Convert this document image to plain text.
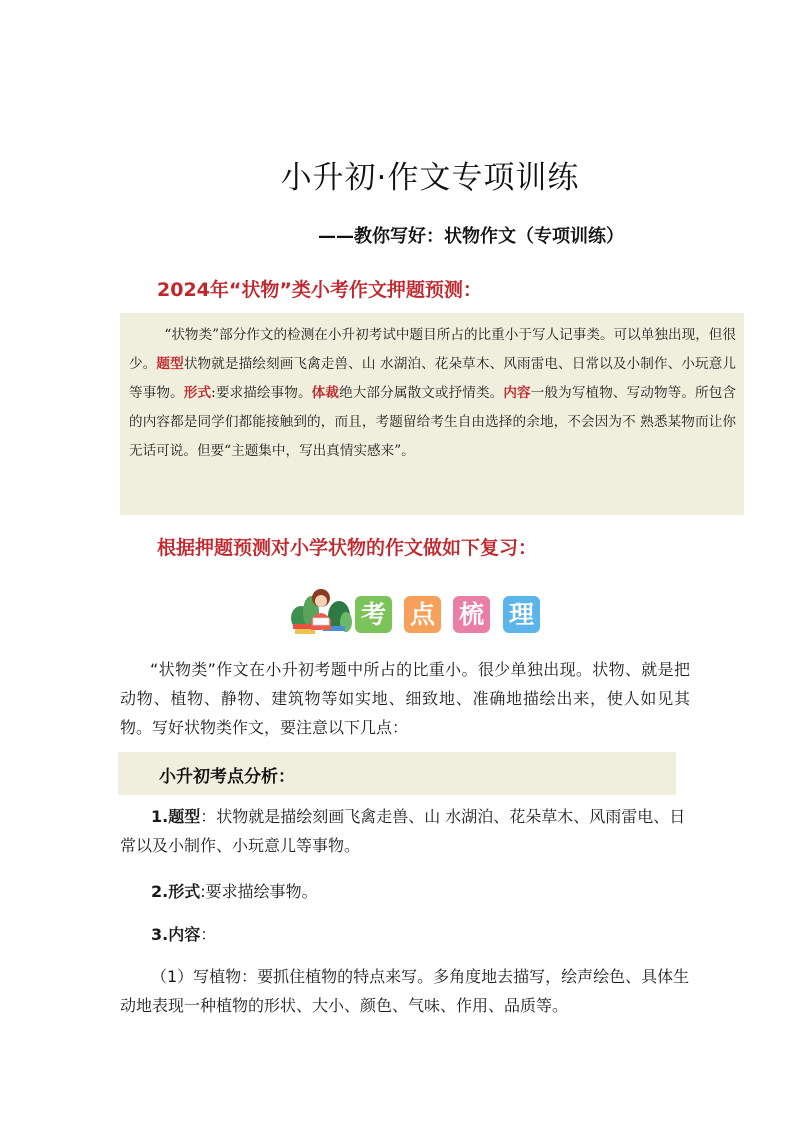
小升初·作文专项训练
——教你写好：状物作文（专项训练）
2024年“状物”类小考作文押题预测：
“状物类”部分作文的检测在小升初考试中题目所占的比重小于写人记事类。可以单独出现，但很少。题型状物就是描绘刻画飞禽走兽、山 水湖泊、花朵草木、风雨雷电、日常以及小制作、小玩意儿等事物。形式:要求描绘事物。体裁绝大部分属散文或抒情类。内容一般为写植物、写动物等。所包含的内容都是同学们都能接触到的，而且，考题留给考生自由选择的余地，不会因为不 熟悉某物而让你无话可说。但要“主题集中，写出真情实感来”。
根据押题预测对小学状物的作文做如下复习：
考 点 梳 理
“状物类”作文在小升初考题中所占的比重小。很少单独出现。状物、就是把动物、植物、静物、建筑物等如实地、细致地、准确地描绘出来，使人如见其物。写好状物类作文，要注意以下几点：
小升初考点分析：
1.题型：状物就是描绘刻画飞禽走兽、山 水湖泊、花朵草木、风雨雷电、日常以及小制作、小玩意儿等事物。
2.形式:要求描绘事物。
3.内容：
（1）写植物：要抓住植物的特点来写。多角度地去描写，绘声绘色、具体生动地表现一种植物的形状、大小、颜色、气味、作用、品质等。
